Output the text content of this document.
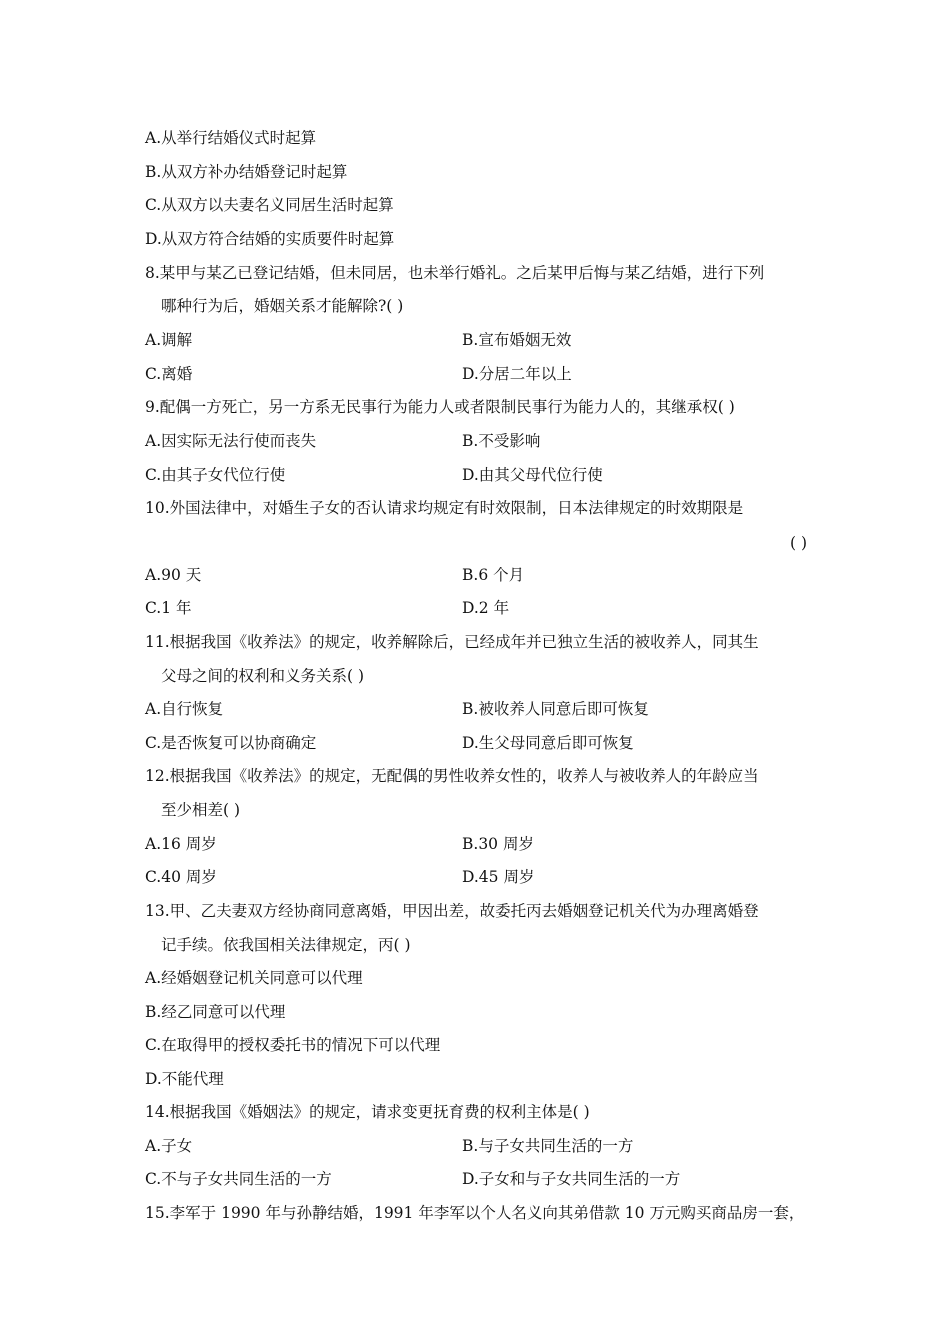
A.从举行结婚仪式时起算
B.从双方补办结婚登记时起算
C.从双方以夫妻名义同居生活时起算
D.从双方符合结婚的实质要件时起算
8.某甲与某乙已登记结婚，但未同居，也未举行婚礼。之后某甲后悔与某乙结婚，进行下列
哪种行为后，婚姻关系才能解除?( )
A.调解	B.宣布婚姻无效
C.离婚	D.分居二年以上
9.配偶一方死亡，另一方系无民事行为能力人或者限制民事行为能力人的，其继承权( )
A.因实际无法行使而丧失	B.不受影响
C.由其子女代位行使	D.由其父母代位行使
10.外国法律中，对婚生子女的否认请求均规定有时效限制，日本法律规定的时效期限是
( )
A.90 天	B.6 个月
C.1 年	D.2 年
11.根据我国《收养法》的规定，收养解除后，已经成年并已独立生活的被收养人，同其生
父母之间的权利和义务关系( )
A.自行恢复	B.被收养人同意后即可恢复
C.是否恢复可以协商确定	D.生父母同意后即可恢复
12.根据我国《收养法》的规定，无配偶的男性收养女性的，收养人与被收养人的年龄应当
至少相差( )
A.16 周岁	B.30 周岁
C.40 周岁	D.45 周岁
13.甲、乙夫妻双方经协商同意离婚，甲因出差，故委托丙去婚姻登记机关代为办理离婚登
记手续。依我国相关法律规定，丙( )
A.经婚姻登记机关同意可以代理
B.经乙同意可以代理
C.在取得甲的授权委托书的情况下可以代理
D.不能代理
14.根据我国《婚姻法》的规定，请求变更抚育费的权利主体是( )
A.子女	B.与子女共同生活的一方
C.不与子女共同生活的一方	D.子女和与子女共同生活的一方
15.李军于 1990 年与孙静结婚，1991 年李军以个人名义向其弟借款 10 万元购买商品房一套，
